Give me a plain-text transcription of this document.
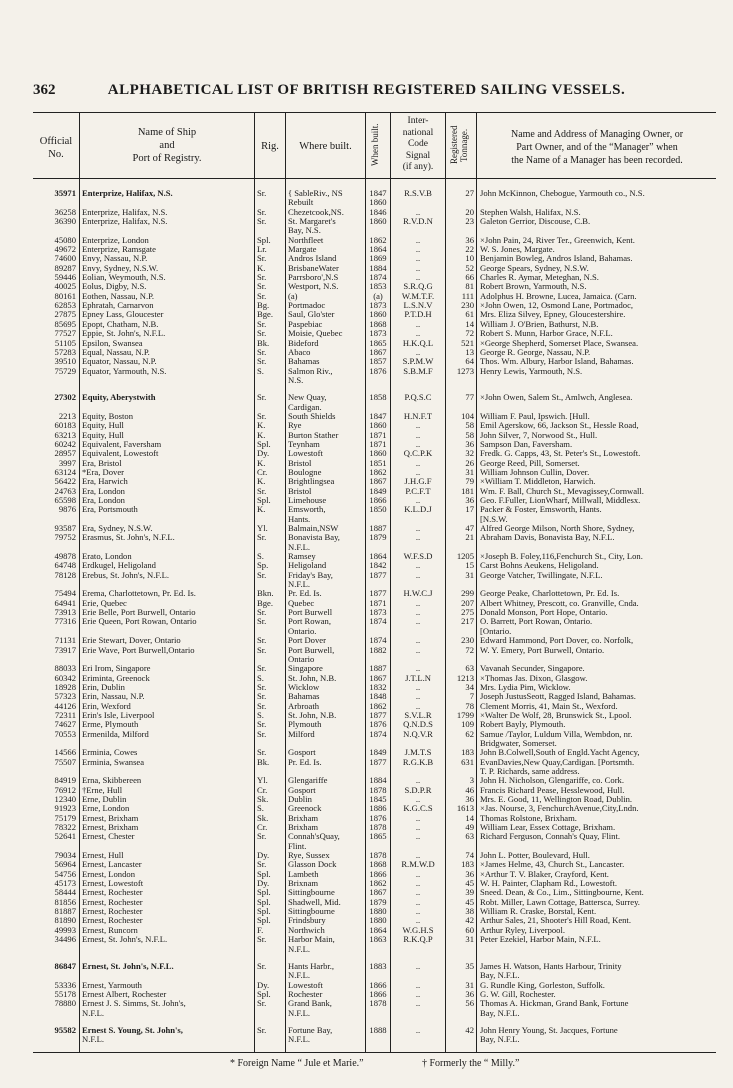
362	ALPHABETICAL LIST OF BRITISH REGISTERED SAILING VESSELS.
Official
No.
Name of Ship
and
Port of Registry.
Rig.	Where built.	When built.
Inter-
national
Code
Signal
(if any).
Registered
Tonnage.	Name and Address of Managing Owner, or
Part Owner, and of the “Manager” when
the Name of a Manager has been recorded.
35971 Enterprize, Halifax, N.S.	Sr.	{ SableRiv., NS	1847	R.S.V.B	27 John McKinnon, Chebogue, Yarmouth co., N.S.
Rebuilt	1860
36258 Enterprize, Halifax, N.S.	Sr.	Chezetcook,NS.	1846	..	20 Stephen Walsh, Halifax, N.S.
36390 Enterprize, Halifax, N.S.	Sr.	St. Margaret's	1860	R.V.D.N	23 Galeton Gerrior, Discouse, C.B.
Bay, N.S.
45080 Enterprize, London	Spl.	Northfleet	1862	..	36 ×John Pain, 24, River Ter., Greenwich, Kent.
49672 Enterprize, Ramsgate	Lr.	Margate	1864	..	22 W. S. Jones, Margate.
74600 Envy, Nassau, N.P.	Sr.	Andros Island	1869	..	10 Benjamin Bowleg, Andros Island, Bahamas.
89287 Envy, Sydney, N.S.W.	K.	BrisbaneWater	1884	..	52 George Spears, Sydney, N.S.W.
59446 Eolian, Weymouth, N.S.	Sr.	Parrsboro',N.S	1874	..	66 Charles R. Aymar, Meteghan, N.S.
40025 Eolus, Digby, N.S.	Sr.	Westport, N.S.	1853	S.R.Q.G	81 Robert Brown, Yarmouth, N.S.
80161 Eothen, Nassau, N.P.	Sr.	(a)	(a)	W.M.T.F.	111 Adolphus H. Browne, Lucea, Jamaica. (Carn.
62853 Ephratah, Carnarvon	Bg.	Portmadoc	1873	L.S.N.V	230 ×John Owen, 12, Osmond Lane, Portmadoc,
27875 Epney Lass, Gloucester	Bge.	Saul, Glo'ster	1860	P.T.D.H	61 Mrs. Eliza Silvey, Epney, Gloucestershire.
85695 Epopt, Chatham, N.B.	Sr.	Paspebiac	1868	..	14 William J. O'Brien, Bathurst, N.B.
77527 Eppie, St. John's, N.F.L.	Sr.	Moisie, Quebec	1873	..	72 Robert S. Munn, Harbor Grace, N.F.L.
51105 Epsilon, Swansea	Bk.	Bideford	1865	H.K.Q.L	521 ×George Shepherd, Somerset Place, Swansea.
57283 Equal, Nassau, N.P.	Sr.	Abaco	1867	..	13 George R. George, Nassau, N.P.
39510 Equator, Nassau, N.P.	Sr.	Bahamas	1857	S.P.M.W	64 Thos. Wm. Albury, Harbor Island, Bahamas.
75729 Equator, Yarmouth, N.S.	S.	Salmon Riv.,	1876	S.B.M.F	1273 Henry Lewis, Yarmouth, N.S.
N.S.
27302 Equity, Aberystwith	Sr.	New Quay,	1858	P.Q.S.C	77 ×John Owen, Salem St., Amlwch, Anglesea.
Cardigan.
2213 Equity, Boston	Sr.	South Shields	1847	H.N.F.T	104 William F. Paul, Ipswich. [Hull.
60183 Equity, Hull	K.	Rye	1860	..	58 Emil Agerskow, 66, Jackson St., Hessle Road,
63213 Equity, Hull	K.	Burton Stather	1871	..	58 John Silver, 7, Norwood St., Hull.
60242 Equivalent, Faversham	Spl.	Teynham	1871	..	36 Sampson Dan, Faversham.
28957 Equivalent, Lowestoft	Dy.	Lowestoft	1860	Q.C.P.K	32 Fredk. G. Capps, 43, St. Peter's St., Lowestoft.
3997 Era, Bristol	K.	Bristol	1851	..	26 George Reed, Pill, Somerset.
63124 *Era, Dover	Cr.	Boulogne	1862	..	31 William Johnson Cullin, Dover.
56422 Era, Harwich	K.	Brightlingsea	1867	J.H.G.F	79 ×William T. Middleton, Harwich.
24763 Era, London	Sr.	Bristol	1849	P.C.F.T	181 Wm. F. Ball, Church St., Mevagissey,Cornwall.
65598 Era, London	Spl.	Limehouse	1866	..	36 Geo. F.Fuller, LionWharf, Millwall, Middlesx.
9876 Era, Portsmouth	K.	Emsworth,	1850	K.L.D.J	17 Packer & Foster, Emsworth, Hants.
Hants.	[N.S.W.
93587 Era, Sydney, N.S.W.	Yl.	Balmain,NSW	1887	..	47 Alfred George Milson, North Shore, Sydney,
79752 Erasmus, St. John's, N.F.L.	Sr.	Bonavista Bay,	1879	..	21 Abraham Davis, Bonavista Bay, N.F.L.
N.F.L.
49878 Erato, London	S.	Ramsey	1864	W.F.S.D	1205 ×Joseph B. Foley,116,Fenchurch St., City, Lon.
64748 Erdkugel, Heligoland	Sp.	Heligoland	1842	..	15 Carst Bohns Aeukens, Heligoland.
78128 Erebus, St. John's, N.F.L.	Sr.	Friday's Bay,	1877	..	31 George Vatcher, Twillingate, N.F.L.
N.F.L.
75494 Erema, Charlottetown, Pr. Ed. Is.	Bkn.	Pr. Ed. Is.	1877	H.W.C.J	299 George Peake, Charlottetown, Pr. Ed. Is.
64941 Erie, Quebec	Bge.	Quebec	1871	..	207 Albert Whitney, Prescott, co. Granville, Cnda.
73913 Erie Belle, Port Burwell, Ontario	Sr.	Port Burwell	1873	..	275 Donald Monson, Port Hope, Ontario.
77316 Erie Queen, Port Rowan, Ontario	Sr.	Port Rowan,	1874	..	217 O. Barrett, Port Rowan, Ontario.
Ontario.	[Ontario.
71131 Erie Stewart, Dover, Ontario	Sr.	Port Dover	1874	..	230 Edward Hammond, Port Dover, co. Norfolk,
73917 Erie Wave, Port Burwell,Ontario	Sr.	Port Burwell,	1882	..	72 W. Y. Emery, Port Burwell, Ontario.
Ontario
88033 Eri Irom, Singapore	Sr.	Singapore	1887	..	63 Vavanah Secunder, Singapore.
60342 Eriminta, Greenock	S.	St. John, N.B.	1867	J.T.L.N	1213 ×Thomas Jas. Dixon, Glasgow.
18928 Erin, Dublin	Sr.	Wicklow	1832	..	34 Mrs. Lydia Pim, Wicklow.
57323 Erin, Nassau, N.P.	Sr.	Bahamas	1848	..	7 Joseph JustusSeott, Ragged Island, Bahamas.
44126 Erin, Wexford	Sr.	Arbroath	1862	..	78 Clement Morris, 41, Main St., Wexford.
72311 Erin's Isle, Liverpool	S.	St. John, N.B.	1877	S.V.L.R	1799 ×Walter De Wolf, 28, Brunswick St., Lpool.
74627 Erme, Plymouth	Sr.	Plymouth	1876	Q.N.D.S	109 Robert Bayly, Plymouth.
70553 Ermenilda, Milford	Sr.	Milford	1874	N.Q.V.R	62 Samue /Taylor, Luldum Villa, Wembdon, nr.
Bridgwater, Somerset.
14566 Erminia, Cowes	Sr.	Gosport	1849	J.M.T.S	183 John B.Colwell,South of Engld.Yacht Agency,
75507 Erminia, Swansea	Bk.	Pr. Ed. Is.	1877	R.G.K.B	631 EvanDavies,New Quay,Cardigan. [Portsmth.
T. P. Richards, same address.
84919 Erna, Skibbereen	Yl.	Glengariffe	1884	..	3 John H. Nicholson, Glengariffe, co. Cork.
76912 †Erne, Hull	Cr.	Gosport	1878	S.D.P.R	46 Francis Richard Pease, Hesslewood, Hull.
12340 Erne, Dublin	Sk.	Dublin	1845	..	36 Mrs. E. Good, 11, Wellington Road, Dublin.
91923 Erne, London	S.	Greenock	1886	K.G.C.S	1613 ×Jas. Nourse, 3, FenchurchAvenue,City,Lndn.
75179 Ernest, Brixham	Sk.	Brixham	1876	..	14 Thomas Rolstone, Brixham.
78322 Ernest, Brixham	Cr.	Brixham	1878	..	49 William Lear, Essex Cottage, Brixham.
52641 Ernest, Chester	Sr.	Connah'sQuay,	1865	..	63 Richard Ferguson, Connah's Quay, Flint.
Flint.
79034 Ernest, Hull	Dy.	Rye, Sussex	1878	..	74 John L. Potter, Boulevard, Hull.
56964 Ernest, Lancaster	Sr.	Glasson Dock	1868	R.M.W.D	183 ×James Helme, 43, Church St., Lancaster.
54756 Ernest, London	Spl.	Lambeth	1866	..	36 ×Arthur T. V. Blaker, Crayford, Kent.
45173 Ernest, Lowestoft	Dy.	Brixnam	1862	..	45 W. H. Painter, Clapham Rd., Lowestoft.
58444 Ernest, Rochester	Spl.	Sittingbourne	1867	..	39 Sneed. Dean, & Co., Lim., Sittingbourne, Kent.
81856 Ernest, Rochester	Spl.	Shadwell, Mid.	1879	..	45 Robt. Miller, Lawn Cottage, Battersca, Surrey.
81887 Ernest, Rochester	Spl.	Sittingbourne	1880	..	38 William R. Craske, Borstal, Kent.
81890 Ernest, Rochester	Spl.	Frindsbury	1880	..	42 Arthur Sales, 21, Shooter's Hill Road, Kent.
49993 Ernest, Runcorn	F.	Northwich	1864	W.G.H.S	60 Arthur Ryley, Liverpool.
34496 Ernest, St. John's, N.F.L.	Sr.	Harbor Main,	1863	R.K.Q.P	31 Peter Ezekiel, Harbor Main, N.F.L.
N.F.L.
86847 Ernest, St. John's, N.F.L.	Sr.	Hants Harbr.,	1883	..	35 James H. Watson, Hants Harbour, Trinity
N.F.L.	Bay, N.F.L.
53336 Ernest, Yarmouth	Dy.	Lowestoft	1866	..	31 G. Rundle King, Gorleston, Suffolk.
55178 Ernest Albert, Rochester	Spl.	Rochester	1866	..	36 G. W. Gill, Rochester.
78880 Ernest J. S. Simms, St. John's,	Sr.	Grand Bank,	1878	..	56 Thomas A. Hickman, Grand Bank, Fortune
N.F.L.	N.F.L.	Bay, N.F.L.
95582 Ernest S. Young, St. John's,	Sr.	Fortune Bay,	1888	..	42 John Henry Young, St. Jacques, Fortune
N.F.L.	N.F.L.	Bay, N.F.L.
* Foreign Name “ Jule et Marie.”	† Formerly the “ Milly.”
